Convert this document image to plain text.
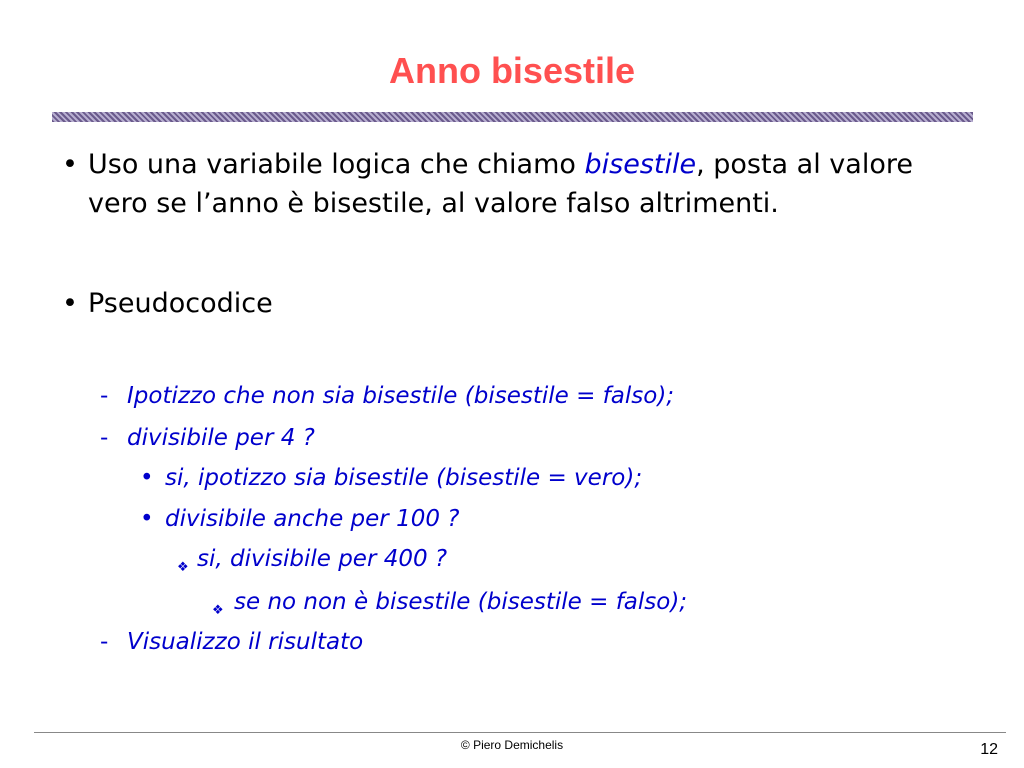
Anno bisestile
• Uso una variabile logica che chiamo bisestile, posta al valore vero se l’anno è bisestile, al valore falso altrimenti.
• Pseudocodice
- Ipotizzo che non sia bisestile (bisestile = falso);
- divisibile per 4 ?
• si, ipotizzo sia bisestile (bisestile = vero);
• divisibile anche per 100 ?
❖ si, divisibile per 400 ?
❖ se no non è bisestile (bisestile = falso);
- Visualizzo il risultato
© Piero Demichelis	12
